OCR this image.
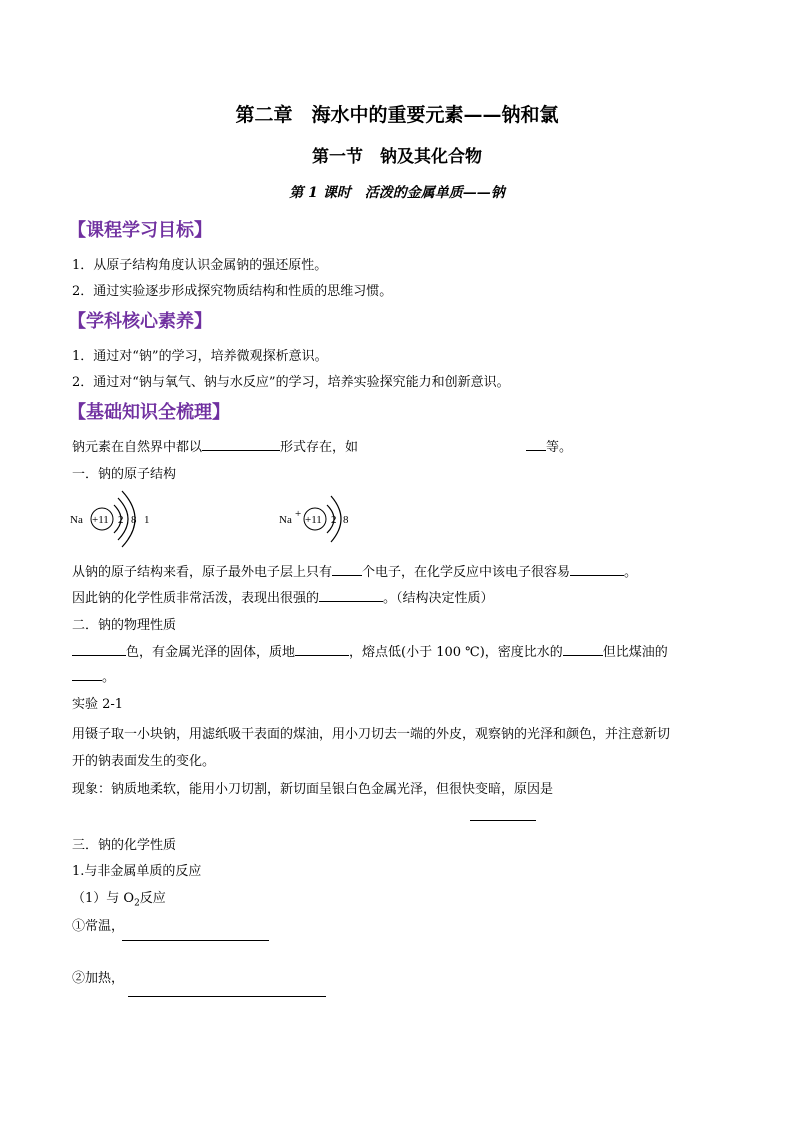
第二章　海水中的重要元素——钠和氯
第一节　钠及其化合物
第 1 课时　活泼的金属单质——钠
【课程学习目标】
1．从原子结构角度认识金属钠的强还原性。
2．通过实验逐步形成探究物质结构和性质的思维习惯。
【学科核心素养】
1．通过对“钠”的学习，培养微观探析意识。
2．通过对“钠与氧气、钠与水反应”的学习，培养实验探究能力和创新意识。
【基础知识全梳理】
钠元素在自然界中都以	形式存在，如	等。
一．钠的原子结构
Na +11 2 8 1	Na + +11 2 8
从钠的原子结构来看，原子最外电子层上只有 个电子，在化学反应中该电子很容易	。
因此钠的化学性质非常活泼，表现出很强的	。（结构决定性质）
二．钠的物理性质
色，有金属光泽的固体，质地	，熔点低(小于 100 ℃)，密度比水的	但比煤油的
。
实验 2-1
用镊子取一小块钠，用滤纸吸干表面的煤油，用小刀切去一端的外皮，观察钠的光泽和颜色，并注意新切
开的钠表面发生的变化。
现象：钠质地柔软，能用小刀切割，新切面呈银白色金属光泽，但很快变暗，原因是
三．钠的化学性质
1.与非金属单质的反应
（1）与 $O_2$反应
①常温，
②加热，
